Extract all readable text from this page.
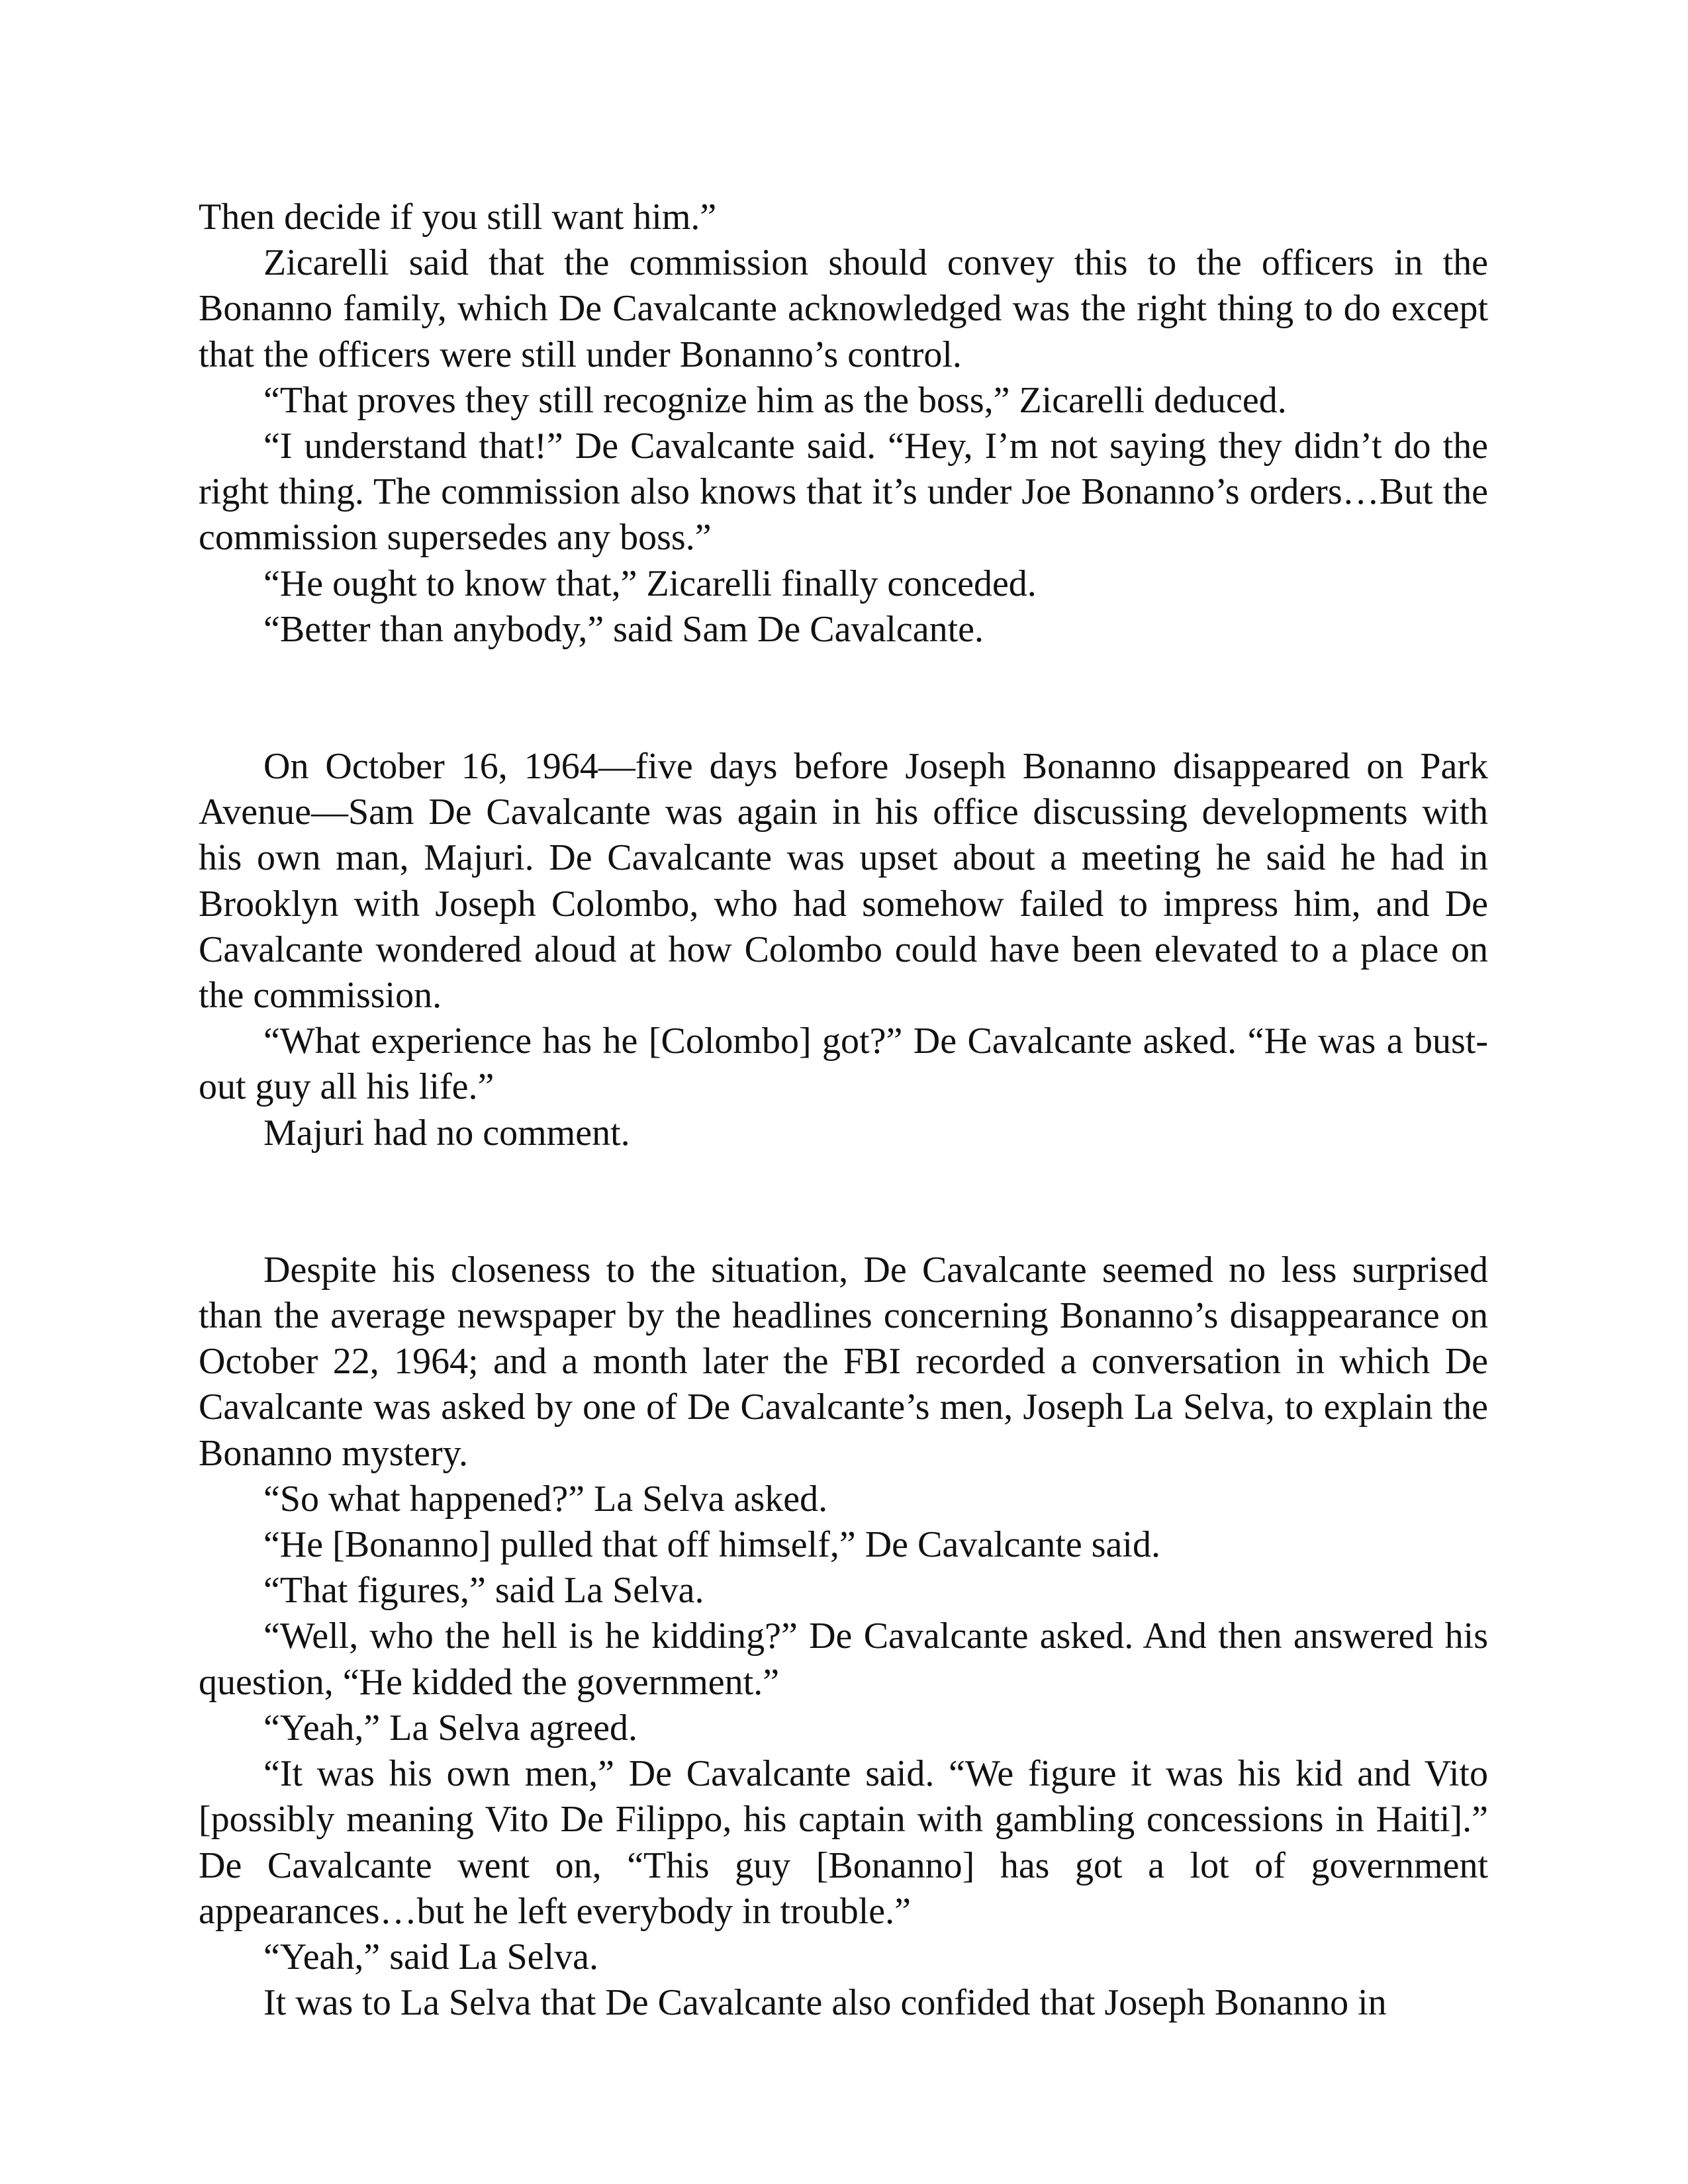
Then decide if you still want him.”

Zicarelli said that the commission should convey this to the officers in the Bonanno family, which De Cavalcante acknowledged was the right thing to do except that the officers were still under Bonanno’s control.

“That proves they still recognize him as the boss,” Zicarelli deduced.

“I understand that!” De Cavalcante said. “Hey, I’m not saying they didn’t do the right thing. The commission also knows that it’s under Joe Bonanno’s orders…But the commission supersedes any boss.”

“He ought to know that,” Zicarelli finally conceded.

“Better than anybody,” said Sam De Cavalcante.

On October 16, 1964—five days before Joseph Bonanno disappeared on Park Avenue—Sam De Cavalcante was again in his office discussing developments with his own man, Majuri. De Cavalcante was upset about a meeting he said he had in Brooklyn with Joseph Colombo, who had somehow failed to impress him, and De Cavalcante wondered aloud at how Colombo could have been elevated to a place on the commission.

“What experience has he [Colombo] got?” De Cavalcante asked. “He was a bust-out guy all his life.”

Majuri had no comment.

Despite his closeness to the situation, De Cavalcante seemed no less surprised than the average newspaper by the headlines concerning Bonanno’s disappearance on October 22, 1964; and a month later the FBI recorded a conversation in which De Cavalcante was asked by one of De Cavalcante’s men, Joseph La Selva, to explain the Bonanno mystery.

“So what happened?” La Selva asked.

“He [Bonanno] pulled that off himself,” De Cavalcante said.

“That figures,” said La Selva.

“Well, who the hell is he kidding?” De Cavalcante asked. And then answered his question, “He kidded the government.”

“Yeah,” La Selva agreed.

“It was his own men,” De Cavalcante said. “We figure it was his kid and Vito [possibly meaning Vito De Filippo, his captain with gambling concessions in Haiti].” De Cavalcante went on, “This guy [Bonanno] has got a lot of government appearances…but he left everybody in trouble.”

“Yeah,” said La Selva.

It was to La Selva that De Cavalcante also confided that Joseph Bonanno in
